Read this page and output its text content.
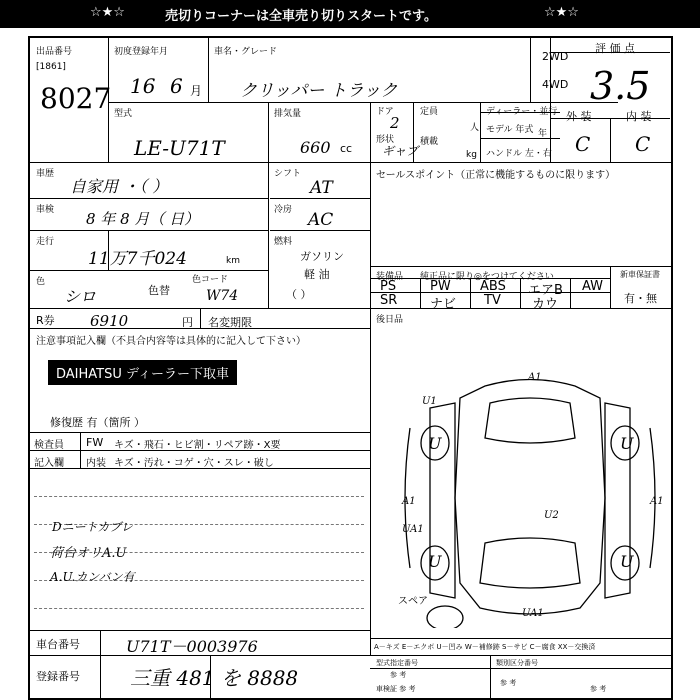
☆★☆	売切りコーナーは全車売り切りスタートです。	☆★☆
出品番号
[1861]
8027
初度登録年月
16 6 月
車名・グレード
クリッパー トラック
2WD
4WD
評 価 点
3.5
外 装	内 装
C C
型式
LE-U71T
排気量
660 cc
ドア
2
形状
ギャブ
定員
人
積載
kg
ディーラー・並行
モデル 年式 年
ハンドル 左・右
車歴
自家用 ・（ ）
車検 8 年 8 月（ 日）
走行
11万7千024	km
色
シロ	色替
色コード
W74
シフト
AT
冷房 AC
燃料
ガソリン
軽 油
（ ）
セールスポイント（正常に機能するものに限ります）
装備品 純正品に限り◎をつけてください	新車保証書
有・無
PS	PW ABS エアB AW
SR	ナビ TV カウ
R券 6910	円 名変期限	後日品
注意事項記入欄（不具合内容等は具体的に記入して下さい）
DAIHATSU ディーラー下取車
修復歴 有（箇所 ）
検査員
記入欄
FW キズ・飛石・ヒビ割・リペア跡・X要
内装 キズ・汚れ・コゲ・穴・スレ・破し
Dニートカブレ
荷台オリA.U
A.U.カンバン有
A1
U1
U	U
U	U
A1
U2
A1
UA1
UA1
スペア
A－キズ E－エクボ U－凹み W－補修跡 S－サビ C－腐食 XX－交換済
車台番号	U71T－0003976
登録番号	三重 481 を 8888
型式指定番号
参 考
類別区分番号
車検証 参 考
参 考
参 考
